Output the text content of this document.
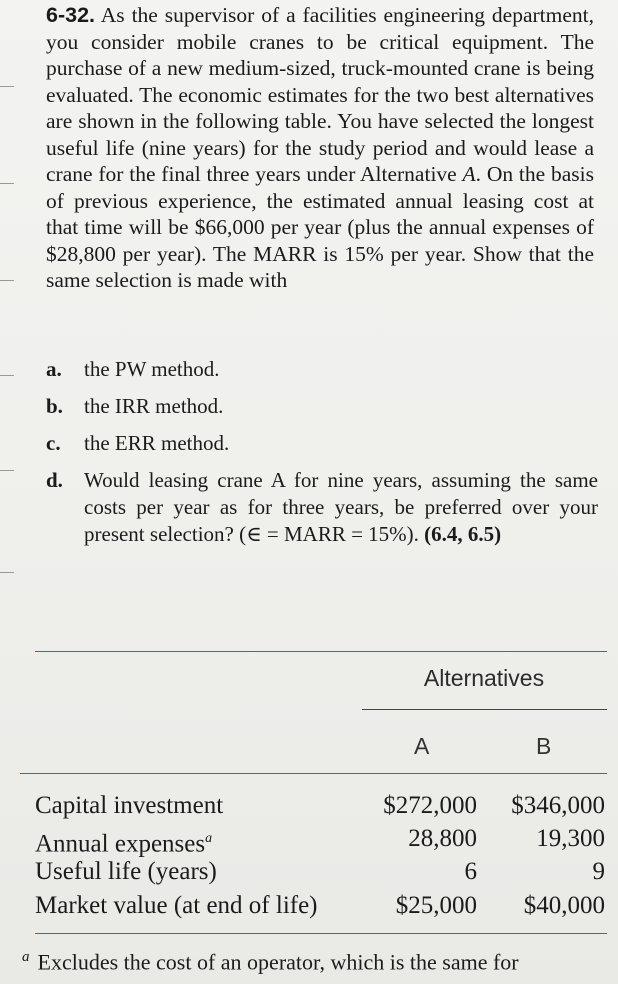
6-32. As the supervisor of a facilities engineering department, you consider mobile cranes to be critical equipment. The purchase of a new medium-sized, truck-mounted crane is being evaluated. The economic estimates for the two best alternatives are shown in the following table. You have selected the longest useful life (nine years) for the study period and would lease a crane for the final three years under Alternative A. On the basis of previous experience, the estimated annual leasing cost at that time will be $66,000 per year (plus the annual expenses of $28,800 per year). The MARR is 15% per year. Show that the same selection is made with
a.	the PW method.
b.	the IRR method.
c.	the ERR method.
d.	Would leasing crane A for nine years, assuming the same costs per year as for three years, be preferred over your present selection? (∈ = MARR = 15%). (6.4, 6.5)
Alternatives
A	B
Capital investment	$272,000 $346,000
Annual expenses$^a$	28,800 19,300
Useful life (years)	6	9
Market value (at end of life)	$25,000 $40,000
$^a$ Excludes the cost of an operator, which is the same for
